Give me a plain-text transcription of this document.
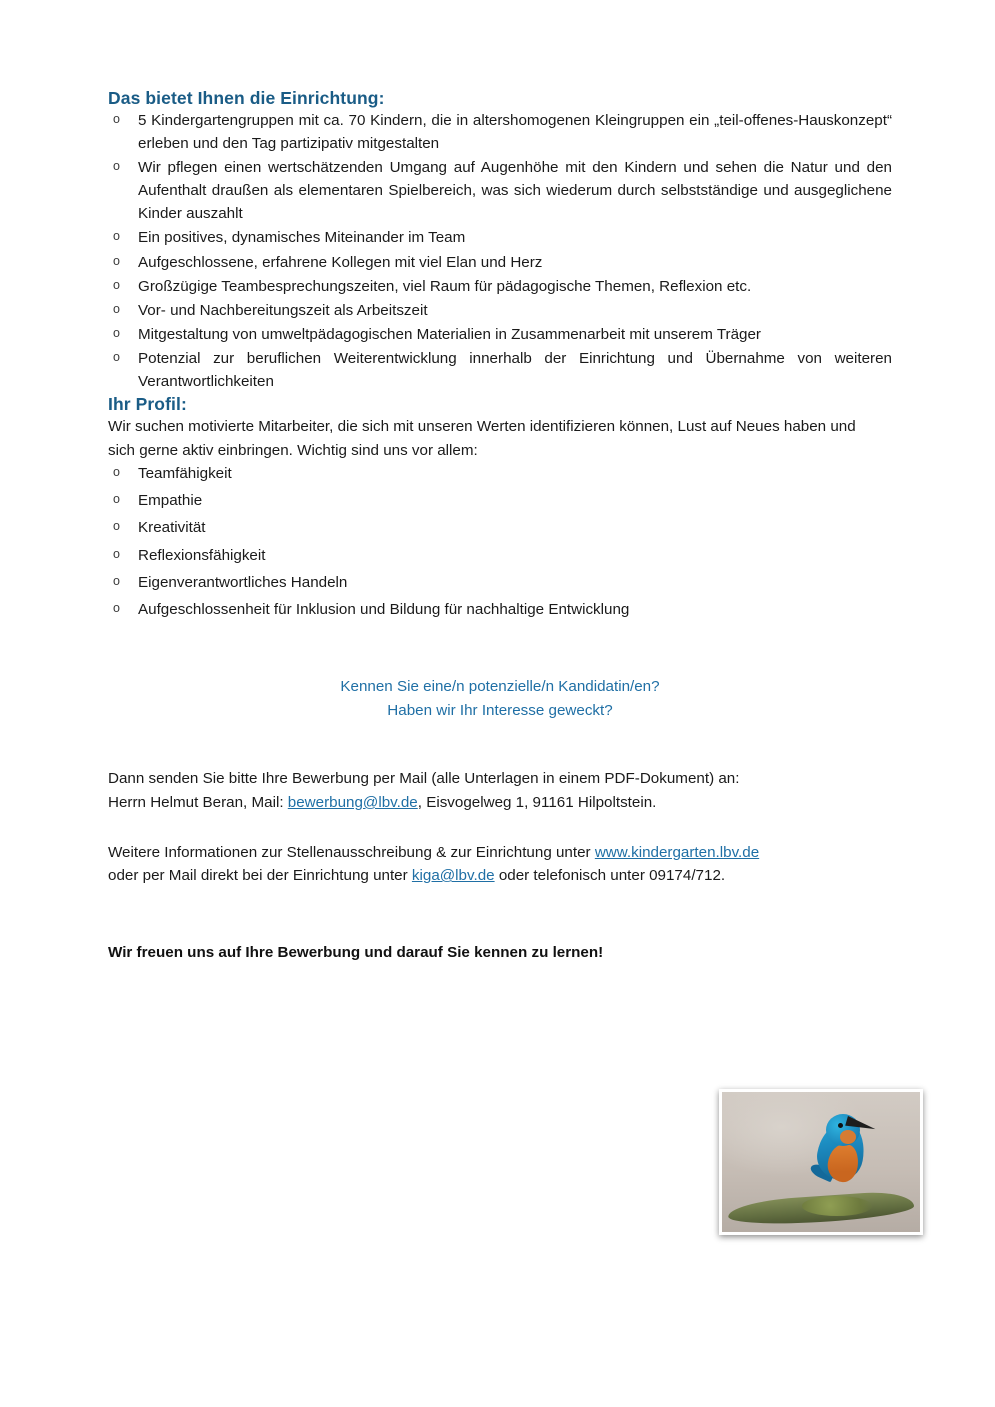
Das bietet Ihnen die Einrichtung:
o 5 Kindergartengruppen mit ca. 70 Kindern, die in altershomogenen Kleingruppen ein „teil-offenes-Hauskonzept“ erleben und den Tag partizipativ mitgestalten
o Wir pflegen einen wertschätzenden Umgang auf Augenhöhe mit den Kindern und sehen die Natur und den Aufenthalt draußen als elementaren Spielbereich, was sich wiederum durch selbstständige und ausgeglichene Kinder auszahlt
o Ein positives, dynamisches Miteinander im Team
o Aufgeschlossene, erfahrene Kollegen mit viel Elan und Herz
o Großzügige Teambesprechungszeiten, viel Raum für pädagogische Themen, Reflexion etc.
o Vor- und Nachbereitungszeit als Arbeitszeit
o Mitgestaltung von umweltpädagogischen Materialien in Zusammenarbeit mit unserem Träger
o Potenzial zur beruflichen Weiterentwicklung innerhalb der Einrichtung und Übernahme von weiteren Verantwortlichkeiten
Ihr Profil:

Wir suchen motivierte Mitarbeiter, die sich mit unseren Werten identifizieren können, Lust auf Neues haben und sich gerne aktiv einbringen. Wichtig sind uns vor allem:

o Teamfähigkeit
o Empathie
o Kreativität
o Reflexionsfähigkeit
o Eigenverantwortliches Handeln
o Aufgeschlossenheit für Inklusion und Bildung für nachhaltige Entwicklung
Kennen Sie eine/n potenzielle/n Kandidatin/en?
Haben wir Ihr Interesse geweckt?

Dann senden Sie bitte Ihre Bewerbung per Mail (alle Unterlagen in einem PDF-Dokument) an:

Herrn Helmut Beran, Mail: bewerbung@lbv.de, Eisvogelweg 1, 91161 Hilpoltstein.

Weitere Informationen zur Stellenausschreibung & zur Einrichtung unter www.kindergarten.lbv.de

oder per Mail direkt bei der Einrichtung unter kiga@lbv.de oder telefonisch unter 09174/712.

Wir freuen uns auf Ihre Bewerbung und darauf Sie kennen zu lernen!
